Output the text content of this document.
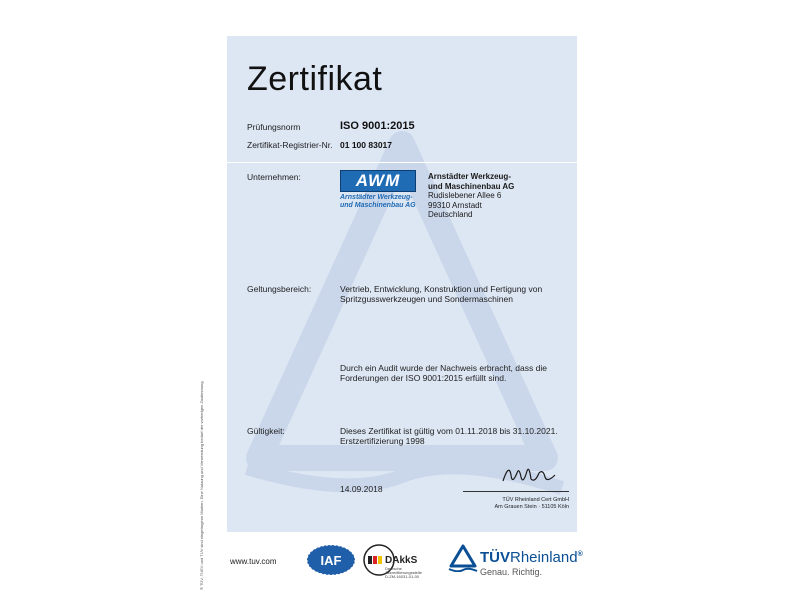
Zertifikat
Prüfungsnorm	ISO 9001:2015
Zertifikat-Registrier-Nr. 01 100 83017
Unternehmen:	AWM
Arnstädter Werkzeug-
und Maschinenbau AG
Arnstädter Werkzeug-
und Maschinenbau AG
Rudislebener Allee 6
99310 Arnstadt
Deutschland
Geltungsbereich:	Vertrieb, Entwicklung, Konstruktion und Fertigung von
Spritzgusswerkzeugen und Sondermaschinen
Durch ein Audit wurde der Nachweis erbracht, dass die
Forderungen der ISO 9001:2015 erfüllt sind.
Gültigkeit:	Dieses Zertifikat ist gültig vom 01.11.2018 bis 31.10.2021.
Erstzertifizierung 1998
14.09.2018
TÜV Rheinland Cert GmbH
Am Grauen Stein · 51105 Köln
® TÜV, TUEV und TUV sind eingetragene Marken. Eine Nutzung und Verwendung bedarf der vorherigen Zustimmung.	www.tuv.com	IAF	DAkkS
Deutsche
Akkreditierungsstelle
D-ZM-16031-01-00
TÜVRheinland®
Genau. Richtig.
